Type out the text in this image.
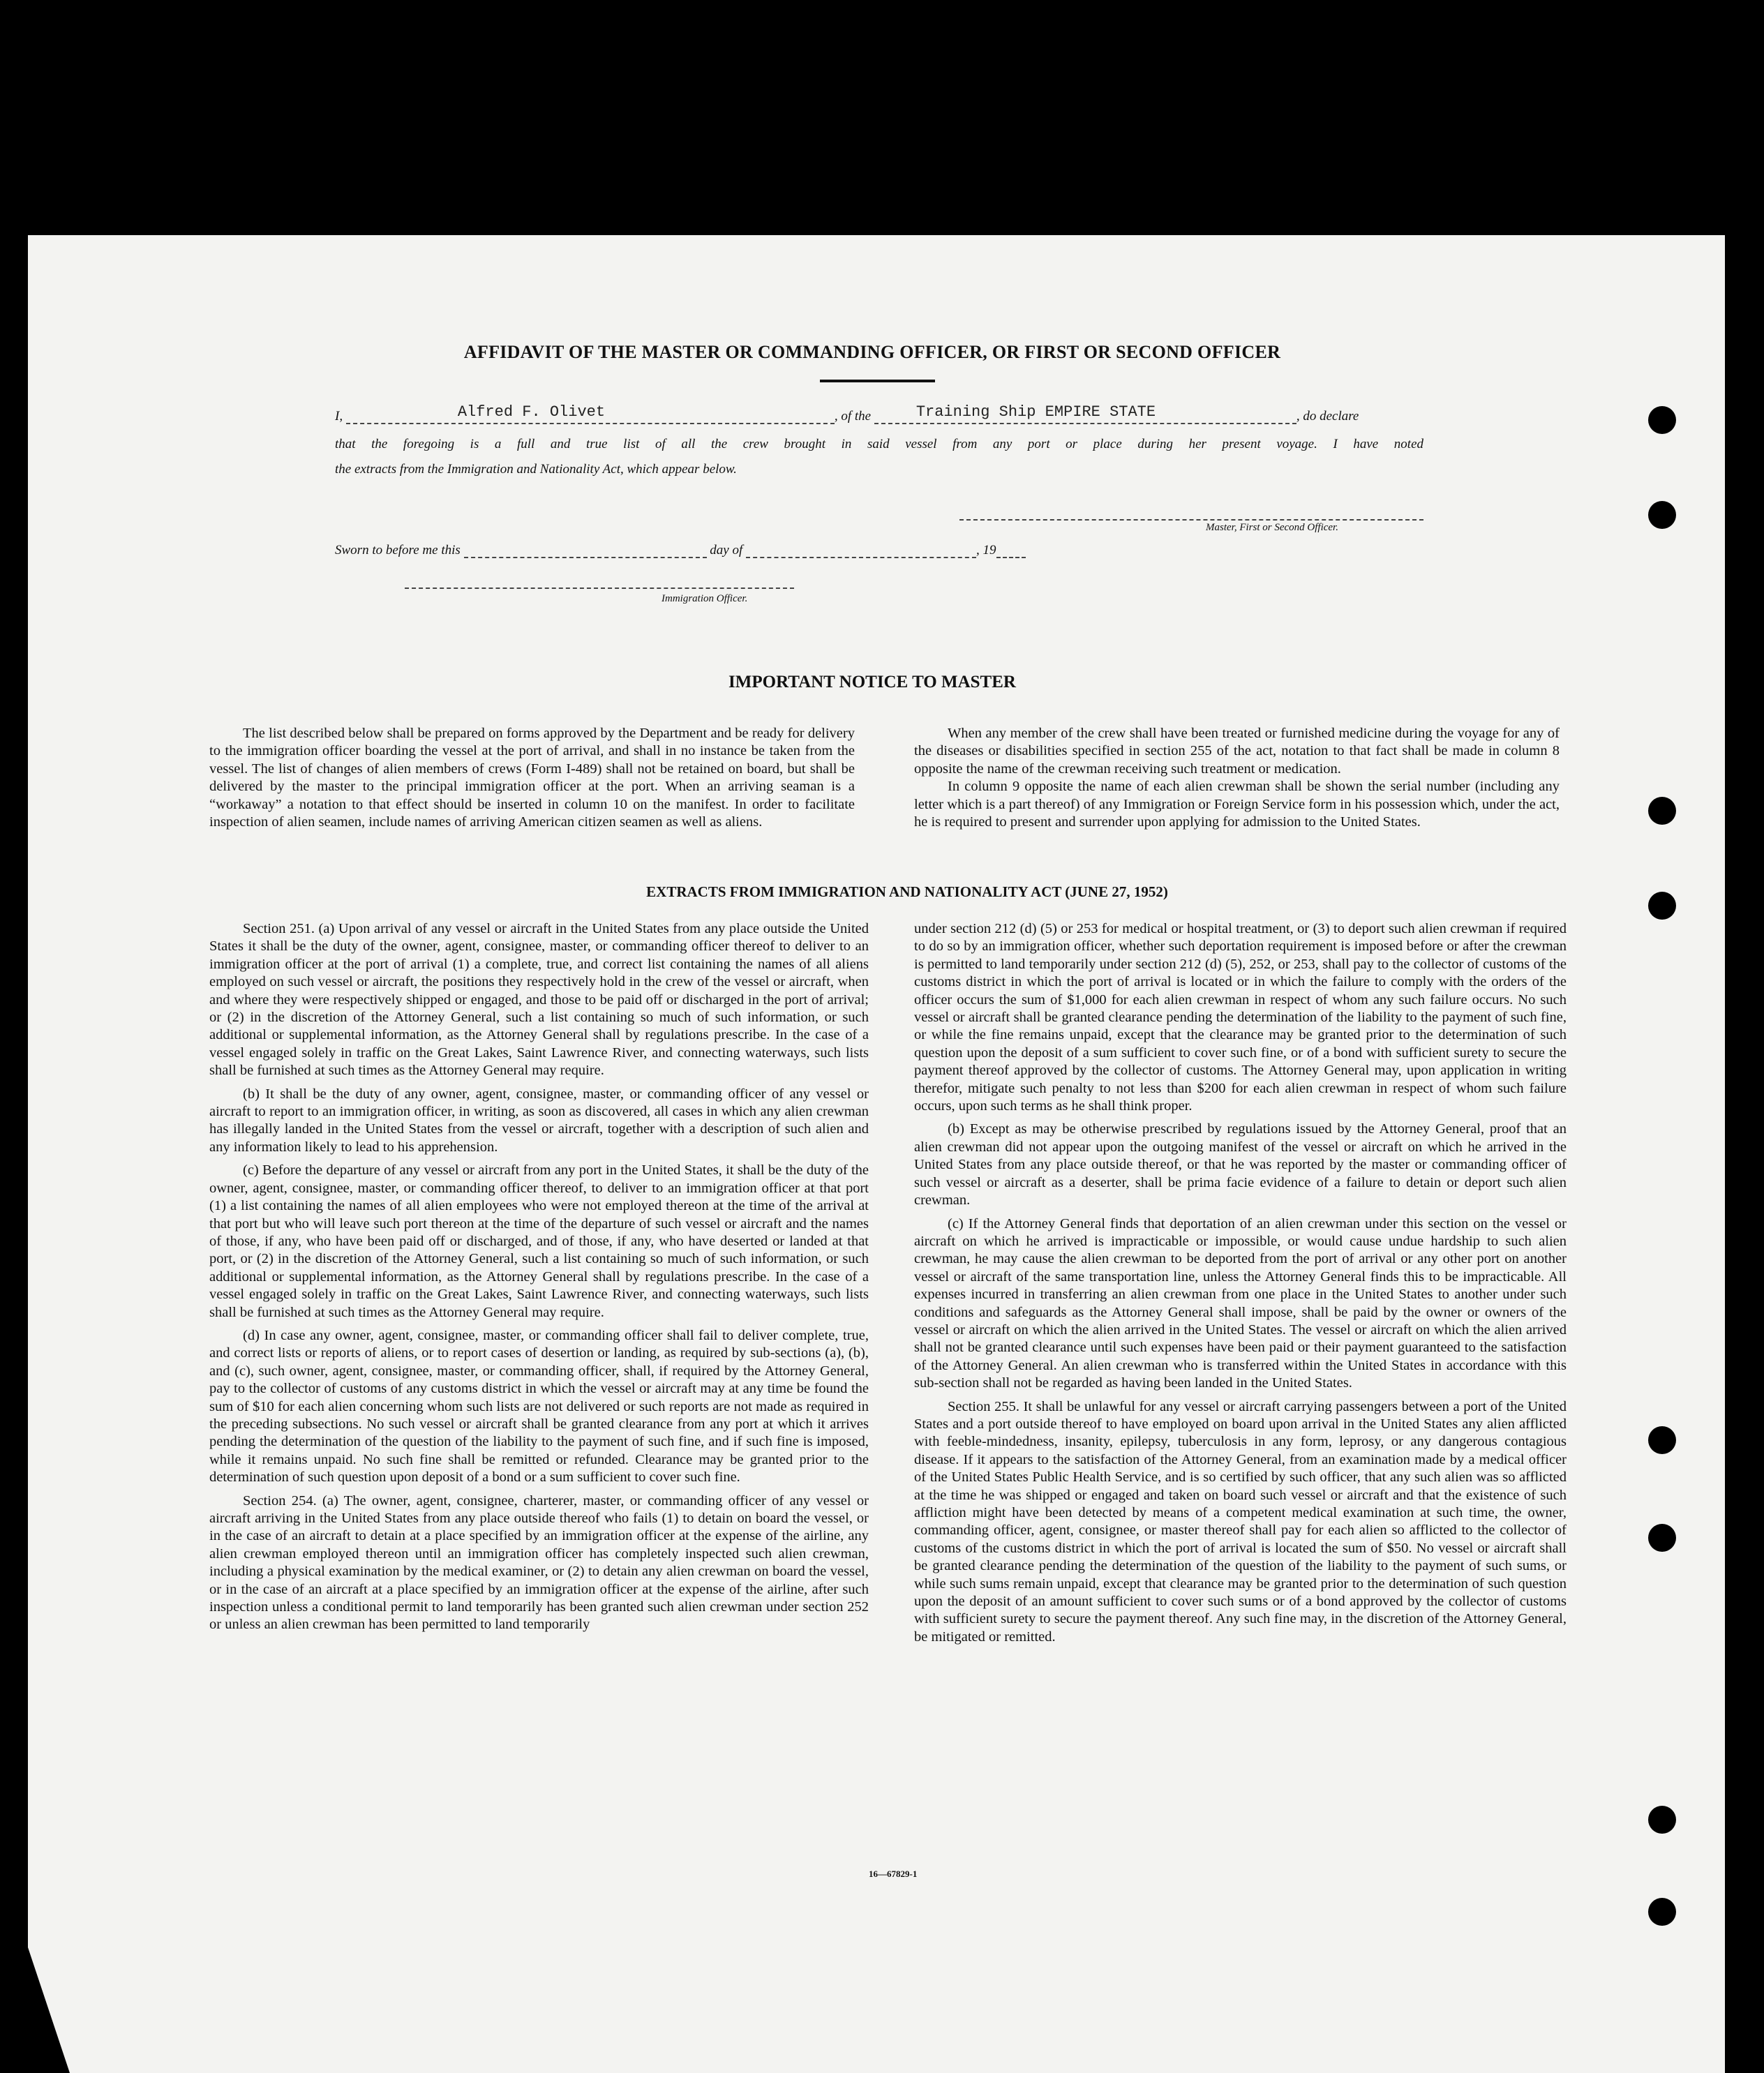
AFFIDAVIT OF THE MASTER OR COMMANDING OFFICER, OR FIRST OR SECOND OFFICER
I,	Alfred F. Olivet	, of the	Training Ship EMPIRE STATE	, do declare
that the foregoing is a full and true list of all the crew brought in said vessel from any port or place during her present voyage. I have noted
the extracts from the Immigration and Nationality Act, which appear below.
Master, First or Second Officer.
Sworn to before me this	day of	, 19
Immigration Officer.
IMPORTANT NOTICE TO MASTER

The list described below shall be prepared on forms approved by the Department and be ready for delivery to the immigration officer boarding the vessel at the port of arrival, and shall in no instance be taken from the vessel. The list of changes of alien members of crews (Form I-489) shall not be retained on board, but shall be delivered by the master to the principal immigration officer at the port. When an arriving seaman is a “workaway” a notation to that effect should be inserted in column 10 on the manifest. In order to facilitate inspection of alien seamen, include names of arriving American citizen seamen as well as aliens.

When any member of the crew shall have been treated or furnished medicine during the voyage for any of the diseases or disabilities specified in section 255 of the act, notation to that fact shall be made in column 8 opposite the name of the crewman receiving such treatment or medication.

In column 9 opposite the name of each alien crewman shall be shown the serial number (including any letter which is a part thereof) of any Immigration or Foreign Service form in his possession which, under the act, he is required to present and surrender upon applying for admission to the United States.

EXTRACTS FROM IMMIGRATION AND NATIONALITY ACT (JUNE 27, 1952)

Section 251. (a) Upon arrival of any vessel or aircraft in the United States from any place outside the United States it shall be the duty of the owner, agent, consignee, master, or commanding officer thereof to deliver to an immigration officer at the port of arrival (1) a complete, true, and correct list containing the names of all aliens employed on such vessel or aircraft, the positions they respectively hold in the crew of the vessel or aircraft, when and where they were respectively shipped or engaged, and those to be paid off or discharged in the port of arrival; or (2) in the discretion of the Attorney General, such a list containing so much of such information, or such additional or supplemental information, as the Attorney General shall by regulations prescribe. In the case of a vessel engaged solely in traffic on the Great Lakes, Saint Lawrence River, and connecting waterways, such lists shall be furnished at such times as the Attorney General may require.

(b) It shall be the duty of any owner, agent, consignee, master, or commanding officer of any vessel or aircraft to report to an immigration officer, in writing, as soon as discovered, all cases in which any alien crewman has illegally landed in the United States from the vessel or aircraft, together with a description of such alien and any information likely to lead to his apprehension.

(c) Before the departure of any vessel or aircraft from any port in the United States, it shall be the duty of the owner, agent, consignee, master, or commanding officer thereof, to deliver to an immigration officer at that port (1) a list containing the names of all alien employees who were not employed thereon at the time of the arrival at that port but who will leave such port thereon at the time of the departure of such vessel or aircraft and the names of those, if any, who have been paid off or discharged, and of those, if any, who have deserted or landed at that port, or (2) in the discretion of the Attorney General, such a list containing so much of such information, or such additional or supplemental information, as the Attorney General shall by regulations prescribe. In the case of a vessel engaged solely in traffic on the Great Lakes, Saint Lawrence River, and connecting waterways, such lists shall be furnished at such times as the Attorney General may require.

(d) In case any owner, agent, consignee, master, or commanding officer shall fail to deliver complete, true, and correct lists or reports of aliens, or to report cases of desertion or landing, as required by sub-sections (a), (b), and (c), such owner, agent, consignee, master, or commanding officer, shall, if required by the Attorney General, pay to the collector of customs of any customs district in which the vessel or aircraft may at any time be found the sum of $10 for each alien concerning whom such lists are not delivered or such reports are not made as required in the preceding subsections. No such vessel or aircraft shall be granted clearance from any port at which it arrives pending the determination of the question of the liability to the payment of such fine, and if such fine is imposed, while it remains unpaid. No such fine shall be remitted or refunded. Clearance may be granted prior to the determination of such question upon deposit of a bond or a sum sufficient to cover such fine.

Section 254. (a) The owner, agent, consignee, charterer, master, or commanding officer of any vessel or aircraft arriving in the United States from any place outside thereof who fails (1) to detain on board the vessel, or in the case of an aircraft to detain at a place specified by an immigration officer at the expense of the airline, any alien crewman employed thereon until an immigration officer has completely inspected such alien crewman, including a physical examination by the medical examiner, or (2) to detain any alien crewman on board the vessel, or in the case of an aircraft at a place specified by an immigration officer at the expense of the airline, after such inspection unless a conditional permit to land temporarily has been granted such alien crewman under section 252 or unless an alien crewman has been permitted to land temporarily

under section 212 (d) (5) or 253 for medical or hospital treatment, or (3) to deport such alien crewman if required to do so by an immigration officer, whether such deportation requirement is imposed before or after the crewman is permitted to land temporarily under section 212 (d) (5), 252, or 253, shall pay to the collector of customs of the customs district in which the port of arrival is located or in which the failure to comply with the orders of the officer occurs the sum of $1,000 for each alien crewman in respect of whom any such failure occurs. No such vessel or aircraft shall be granted clearance pending the determination of the liability to the payment of such fine, or while the fine remains unpaid, except that the clearance may be granted prior to the determination of such question upon the deposit of a sum sufficient to cover such fine, or of a bond with sufficient surety to secure the payment thereof approved by the collector of customs. The Attorney General may, upon application in writing therefor, mitigate such penalty to not less than $200 for each alien crewman in respect of whom such failure occurs, upon such terms as he shall think proper.

(b) Except as may be otherwise prescribed by regulations issued by the Attorney General, proof that an alien crewman did not appear upon the outgoing manifest of the vessel or aircraft on which he arrived in the United States from any place outside thereof, or that he was reported by the master or commanding officer of such vessel or aircraft as a deserter, shall be prima facie evidence of a failure to detain or deport such alien crewman.

(c) If the Attorney General finds that deportation of an alien crewman under this section on the vessel or aircraft on which he arrived is impracticable or impossible, or would cause undue hardship to such alien crewman, he may cause the alien crewman to be deported from the port of arrival or any other port on another vessel or aircraft of the same transportation line, unless the Attorney General finds this to be impracticable. All expenses incurred in transferring an alien crewman from one place in the United States to another under such conditions and safeguards as the Attorney General shall impose, shall be paid by the owner or owners of the vessel or aircraft on which the alien arrived in the United States. The vessel or aircraft on which the alien arrived shall not be granted clearance until such expenses have been paid or their payment guaranteed to the satisfaction of the Attorney General. An alien crewman who is transferred within the United States in accordance with this sub-section shall not be regarded as having been landed in the United States.

Section 255. It shall be unlawful for any vessel or aircraft carrying passengers between a port of the United States and a port outside thereof to have employed on board upon arrival in the United States any alien afflicted with feeble-mindedness, insanity, epilepsy, tuberculosis in any form, leprosy, or any dangerous contagious disease. If it appears to the satisfaction of the Attorney General, from an examination made by a medical officer of the United States Public Health Service, and is so certified by such officer, that any such alien was so afflicted at the time he was shipped or engaged and taken on board such vessel or aircraft and that the existence of such affliction might have been detected by means of a competent medical examination at such time, the owner, commanding officer, agent, consignee, or master thereof shall pay for each alien so afflicted to the collector of customs of the customs district in which the port of arrival is located the sum of $50. No vessel or aircraft shall be granted clearance pending the determination of the question of the liability to the payment of such sums, or while such sums remain unpaid, except that clearance may be granted prior to the determination of such question upon the deposit of an amount sufficient to cover such sums or of a bond approved by the collector of customs with sufficient surety to secure the payment thereof. Any such fine may, in the discretion of the Attorney General, be mitigated or remitted.

16—67829-1
